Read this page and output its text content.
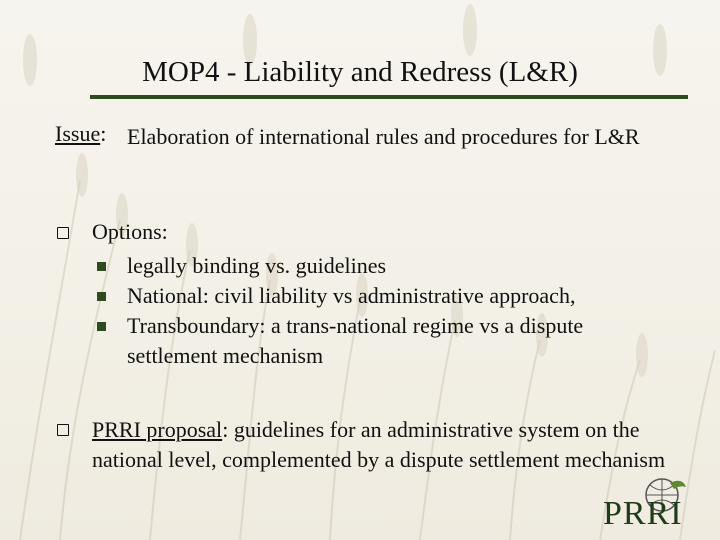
MOP4 - Liability and Redress (L&R)
Issue: Elaboration of international rules and procedures for L&R
Options:
legally binding vs. guidelines
National: civil liability vs administrative approach,
Transboundary: a trans-national regime vs a dispute settlement mechanism
PRRI proposal: guidelines for an administrative system on the national level, complemented by a dispute settlement mechanism
PRRI
